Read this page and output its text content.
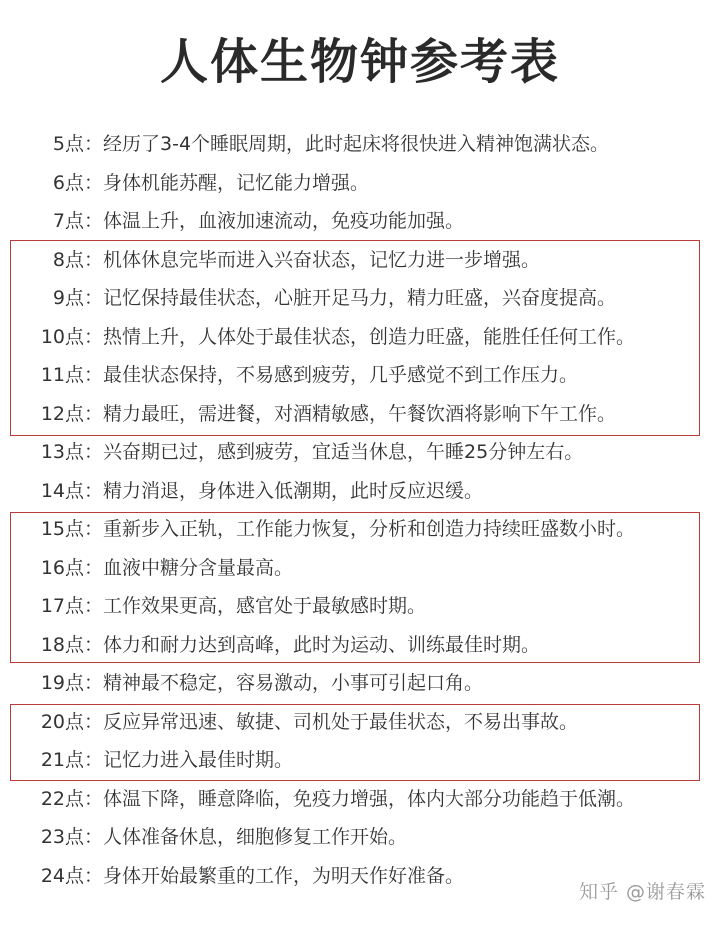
人体生物钟参考表
5点：经历了3-4个睡眠周期，此时起床将很快进入精神饱满状态。
6点：身体机能苏醒，记忆能力增强。
7点：体温上升，血液加速流动，免疫功能加强。
8点：机体休息完毕而进入兴奋状态，记忆力进一步增强。
9点：记忆保持最佳状态，心脏开足马力，精力旺盛，兴奋度提高。
10点：热情上升，人体处于最佳状态，创造力旺盛，能胜任任何工作。
11点：最佳状态保持，不易感到疲劳，几乎感觉不到工作压力。
12点：精力最旺，需进餐，对酒精敏感，午餐饮酒将影响下午工作。
13点：兴奋期已过，感到疲劳，宜适当休息，午睡25分钟左右。
14点：精力消退，身体进入低潮期，此时反应迟缓。
15点：重新步入正轨，工作能力恢复，分析和创造力持续旺盛数小时。
16点：血液中糖分含量最高。
17点：工作效果更高，感官处于最敏感时期。
18点：体力和耐力达到高峰，此时为运动、训练最佳时期。
19点：精神最不稳定，容易激动，小事可引起口角。
20点：反应异常迅速、敏捷、司机处于最佳状态，不易出事故。
21点：记忆力进入最佳时期。
22点：体温下降，睡意降临，免疫力增强，体内大部分功能趋于低潮。
23点：人体准备休息，细胞修复工作开始。
24点：身体开始最繁重的工作，为明天作好准备。
知乎 @谢春霖
